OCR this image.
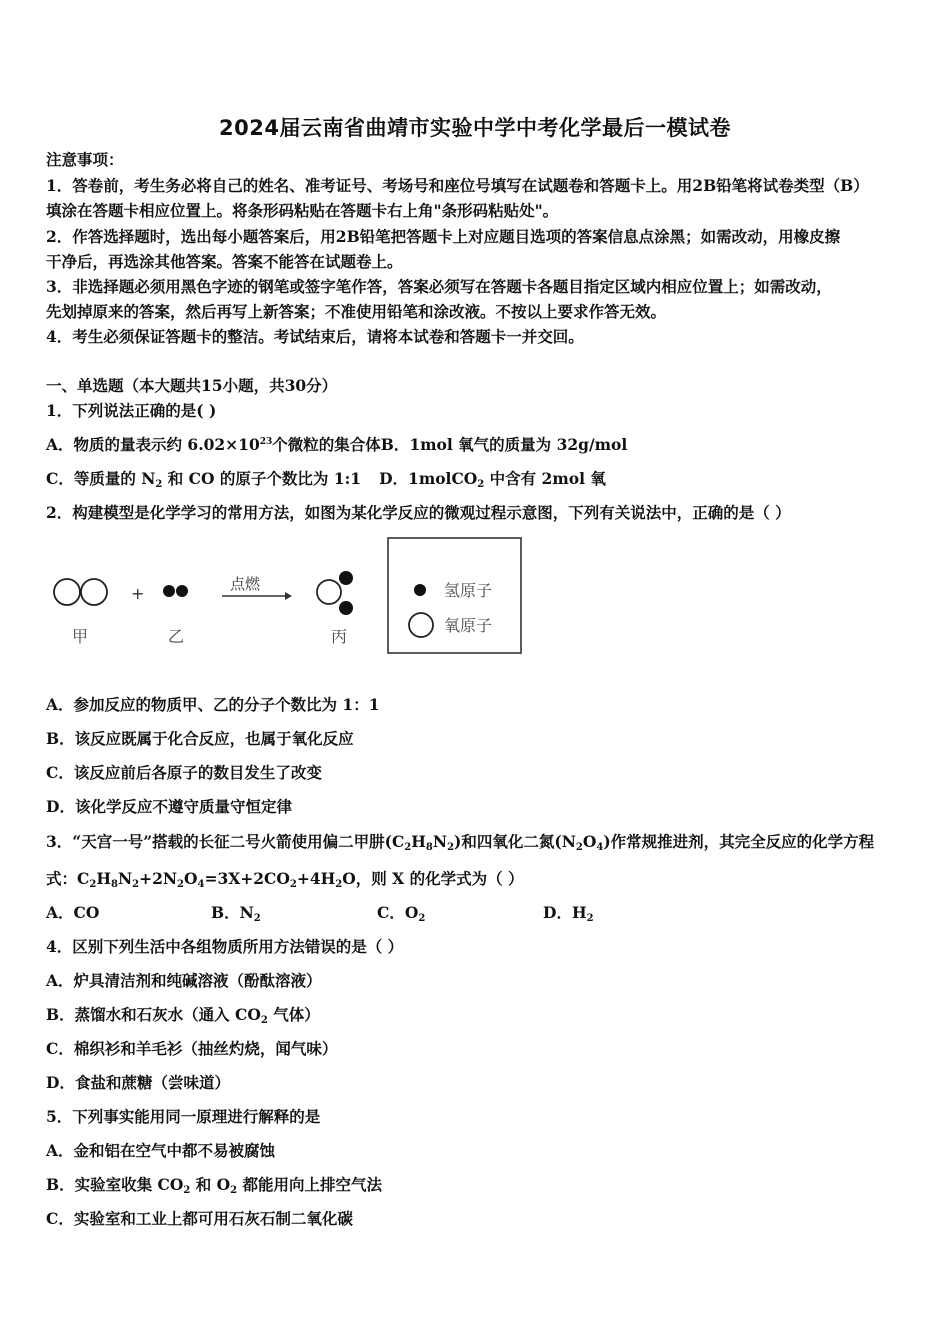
2024届云南省曲靖市实验中学中考化学最后一模试卷
注意事项：
1．答卷前，考生务必将自己的姓名、准考证号、考场号和座位号填写在试题卷和答题卡上。用2B铅笔将试卷类型（B）
填涂在答题卡相应位置上。将条形码粘贴在答题卡右上角"条形码粘贴处"。
2．作答选择题时，选出每小题答案后，用2B铅笔把答题卡上对应题目选项的答案信息点涂黑；如需改动，用橡皮擦
干净后，再选涂其他答案。答案不能答在试题卷上。
3．非选择题必须用黑色字迹的钢笔或签字笔作答，答案必须写在答题卡各题目指定区域内相应位置上；如需改动，
先划掉原来的答案，然后再写上新答案；不准使用铅笔和涂改液。不按以上要求作答无效。
4．考生必须保证答题卡的整洁。考试结束后，请将本试卷和答题卡一并交回。
一、单选题（本大题共15小题，共30分）
1．下列说法正确的是( )
A．物质的量表示约 $6.02\times 10^{23}$个微粒的集合体B．1mol 氧气的质量为 32g/mol
C．等质量的 $N_2$ 和 CO 的原子个数比为 1:1 D．1molCO$_2$ 中含有 2mol 氧
2．构建模型是化学学习的常用方法，如图为某化学反应的微观过程示意图，下列有关说法中，正确的是（ ）
+	点燃
甲	乙	丙
氢原子
氧原子
A．参加反应的物质甲、乙的分子个数比为 1：1
B．该反应既属于化合反应，也属于氧化反应
C．该反应前后各原子的数目发生了改变
D．该化学反应不遵守质量守恒定律
3．“天宫一号”搭载的长征二号火箭使用偏二甲肼$(C_2H_8N_2)$和四氧化二氮$(N_2O_4)$作常规推进剂，其完全反应的化学方程
式：$C_2H_8N_2+2N_2O_4=3X+2CO_2+4H_2O$，则 X 的化学式为（ ）
A．CO	B．$N_2$	C．$O_2$	D．$H_2$
4．区别下列生活中各组物质所用方法错误的是（ ）
A．炉具清洁剂和纯碱溶液（酚酞溶液）
B．蒸馏水和石灰水（通入 $CO_2$ 气体）
C．棉织衫和羊毛衫（抽丝灼烧，闻气味）
D．食盐和蔗糖（尝味道）
5．下列事实能用同一原理进行解释的是
A．金和铝在空气中都不易被腐蚀
B．实验室收集 $CO_2$ 和 $O_2$ 都能用向上排空气法
C．实验室和工业上都可用石灰石制二氧化碳
